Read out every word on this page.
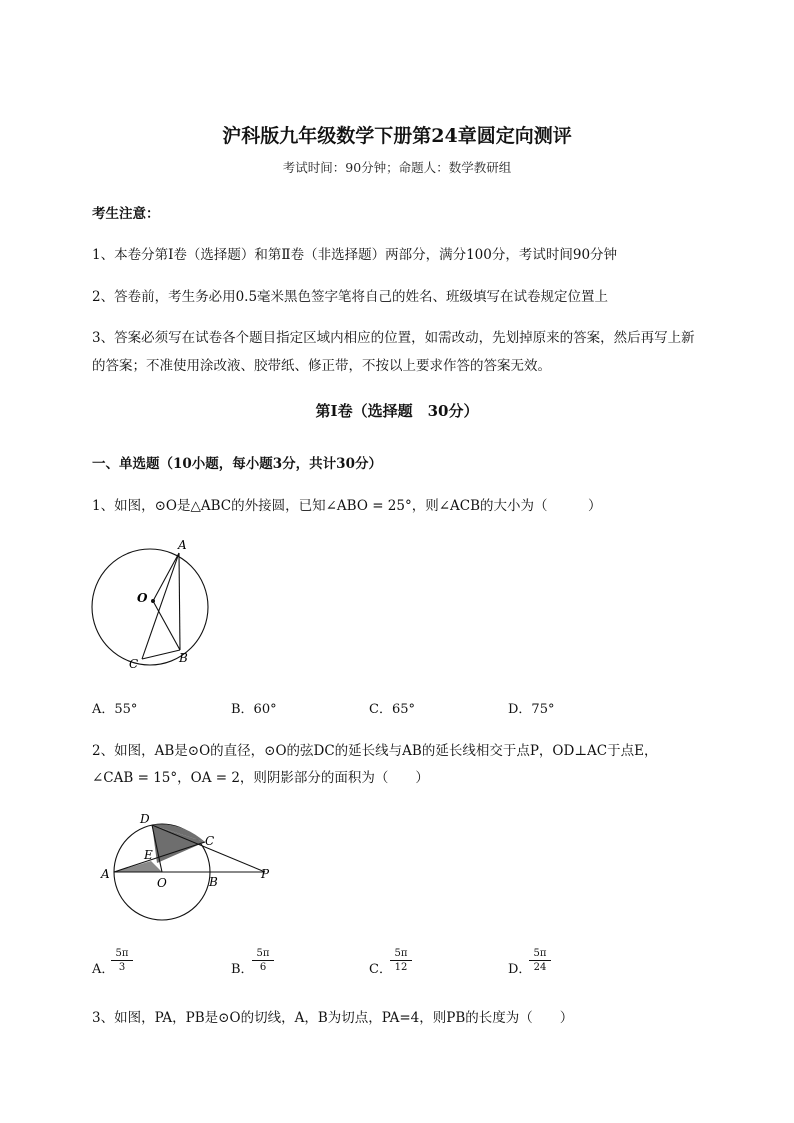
沪科版九年级数学下册第24章圆定向测评
考试时间：90分钟；命题人：数学教研组
考生注意：
1、本卷分第I卷（选择题）和第Ⅱ卷（非选择题）两部分，满分100分，考试时间90分钟
2、答卷前，考生务必用0.5毫米黑色签字笔将自己的姓名、班级填写在试卷规定位置上
3、答案必须写在试卷各个题目指定区域内相应的位置，如需改动，先划掉原来的答案，然后再写上新
的答案；不准使用涂改液、胶带纸、修正带，不按以上要求作答的答案无效。
第I卷（选择题　30分）
一、单选题（10小题，每小题3分，共计30分）
1、如图，⊙O是△ABC的外接圆，已知∠ABO = 25°，则∠ACB的大小为（　　　）
A
O
C	B
A．55°	B．60°	C．65°	D．75°
2、如图，AB是⊙O的直径，⊙O的弦DC的延长线与AB的延长线相交于点P，OD⊥AC于点E，
∠CAB = 15°，OA = 2，则阴影部分的面积为（　　）
D
C
E
A
O	B
P
A．
$\frac{5\pi}{3}$	B．
$\frac{5\pi}{6}$	C．
$\frac{5\pi}{12}$	D．
$\frac{5\pi}{24}$
3、如图，PA，PB是⊙O的切线，A，B为切点，PA=4，则PB的长度为（　　）
